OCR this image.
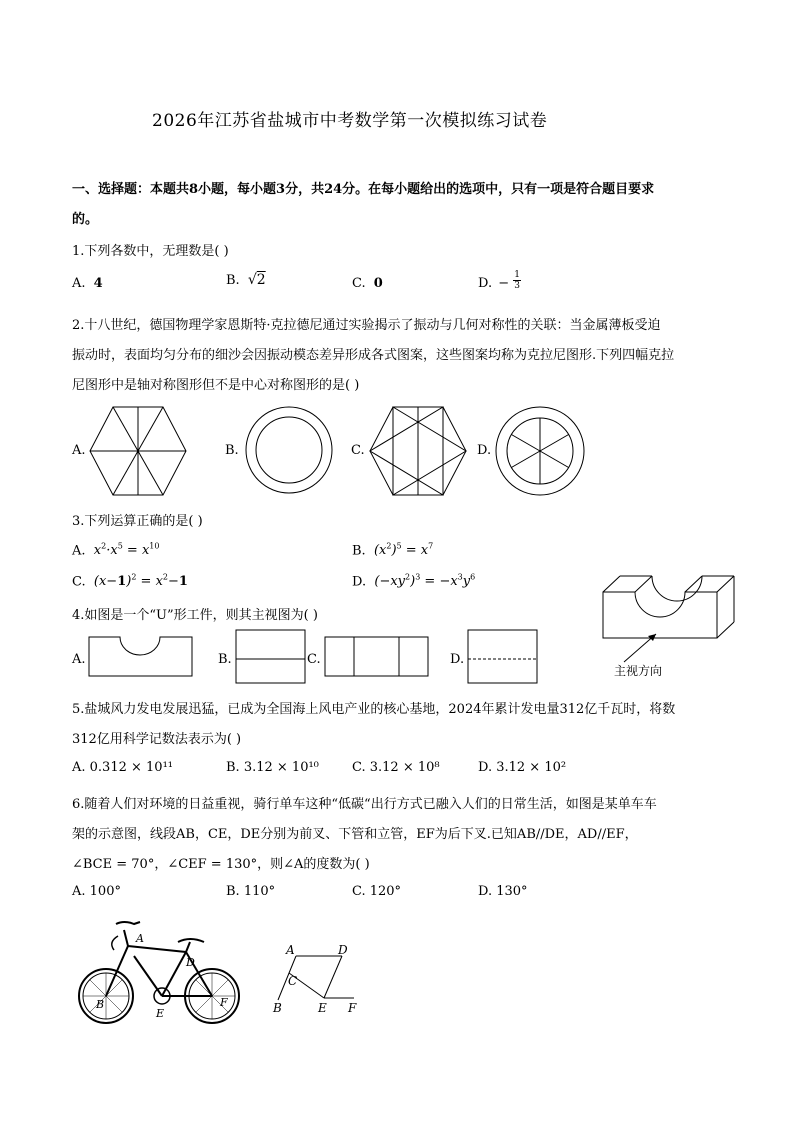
2026年江苏省盐城市中考数学第一次模拟练习试卷
一、选择题：本题共8小题，每小题3分，共24分。在每小题给出的选项中，只有一项是符合题目要求
的。
1.下列各数中，无理数是( )
A. 4	B. √2	C. 0	D. − $\frac{1}{3}$
2.十八世纪，德国物理学家恩斯特·克拉德尼通过实验揭示了振动与几何对称性的关联：当金属薄板受迫
振动时，表面均匀分布的细沙会因振动模态差异形成各式图案，这些图案均称为克拉尼图形.下列四幅克拉
尼图形中是轴对称图形但不是中心对称图形的是( )
A.	B.	C.	D.
3.下列运算正确的是( )
A.  $x^2\cdot x^5 = x^{10}$	B.  $(x^2)^5 = x^7$
C.  $(x-1)^2 = x^2-1$	D.  $(-xy^2)^3 = -x^3y^6$
4.如图是一个“U”形工件，则其主视图为( )
主视方向
A.	B.	C.	D.
5.盐城风力发电发展迅猛，已成为全国海上风电产业的核心基地，2024年累计发电量312亿千瓦时，将数
312亿用科学记数法表示为( )
A. 0.312 × 10¹¹	B. 3.12 × 10¹⁰	C. 3.12 × 10⁸	D. 3.12 × 10²
6.随着人们对环境的日益重视，骑行单车这种“低碳“出行方式已融入人们的日常生活，如图是某单车车
架的示意图，线段AB，CE，DE分别为前叉、下管和立管，EF为后下叉.已知AB//DE，AD//EF，
∠BCE = 70°，∠CEF = 130°，则∠A的度数为( )
A. 100°	B. 110°	C. 120°	D. 130°
A
D
B
E
F
A	D
C
B	E F
